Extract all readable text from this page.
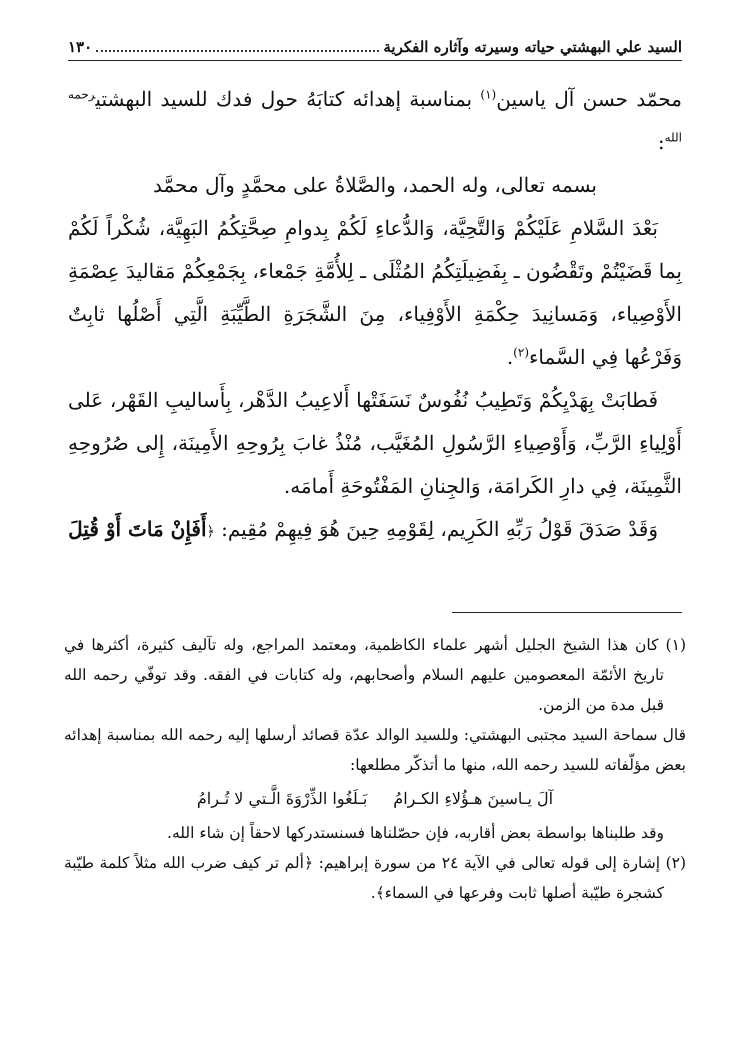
السيد علي البهشتي حياته وسيرته وآثاره الفكرية
١٣٠

محمّد حسن آل ياسين$^{(١)}$ بمناسبة إهدائه كتابَهُ حول فدك للسيد البهشتي$^{رحمه الله}$:

بسمه تعالى، وله الحمد، والصَّلاةُ على محمَّدٍ وآل محمَّد

بَعْدَ السَّلامِ عَلَيْكُمْ وَالتَّحِيَّة، وَالدُّعاءِ لَكُمْ بِدوامِ صِحَّتِكُمُ البَهِيَّة، شُكْراً لَكُمْ بِما قَضَيْتُمْ وتَقْضُون ـ بِفَضِيلَتِكُمُ المُثْلَى ـ لِلأُمَّةِ جَمْعاء، بِجَمْعِكُمْ مَقاليدَ عِصْمَةِ الأَوْصِياء، وَمَسانِيدَ حِكْمَةِ الأَوْفِياء، مِنَ الشَّجَرَةِ الطَّيِّبَةِ الَّتِي أَصْلُها ثابِتٌ وَفَرْعُها فِي السَّماء$^{(٢)}$.

فَطابَتْ بِهَدْيِكُمْ وَتَطِيبُ نُفُوسٌ نَسَفَتْها أَلاعِيبُ الدَّهْر، بِأَساليبِ القَهْر، عَلى أَوْلِياءِ الرَّبِّ، وَأَوْصِياءِ الرَّسُولِ المُغَيَّب، مُنْذُ غابَ بِرُوحِهِ الأَمِينَة، إِلى صُرُوحِهِ الثَّمِينَة، فِي دارِ الكَرامَة، وَالجِنانِ المَفْتُوحَةِ أَمامَه.

وَقَدْ صَدَقَ قَوْلُ رَبِّهِ الكَرِيم، لِقَوْمِهِ حِينَ هُوَ فِيهِمْ مُقِيم: ﴿أَفَإِنْ مَاتَ أَوْ قُتِلَ

(١) كان هذا الشيخ الجليل أشهر علماء الكاظمية، ومعتمد المراجع، وله تآليف كثيرة، أكثرها في تاريخ الأئمّة المعصومين عليهم السلام وأصحابهم، وله كتابات في الفقه. وقد توفّي رحمه الله قبل مدة من الزمن.

قال سماحة السيد مجتبى البهشتي: وللسيد الوالد عدّة قصائد أرسلها إليه رحمه الله بمناسبة إهدائه بعض مؤلّفاته للسيد رحمه الله، منها ما أتذكّر مطلعها:

آلَ يـاسينَ هـؤُلاءِ الكـرامُ
بَـلَغُوا الذِّرْوَةَ الَّـتي لا تُـرامُ

وقد طلبناها بواسطة بعض أقاربه، فإن حصّلناها فسنستدركها لاحقاً إن شاء الله.

(٢) إشارة إلى قوله تعالى في الآية ٢٤ من سورة إبراهيم: ﴿ألم تر كيف ضرب الله مثلاً كلمة طيّبة كشجرة طيّبة أصلها ثابت وفرعها في السماء﴾.
